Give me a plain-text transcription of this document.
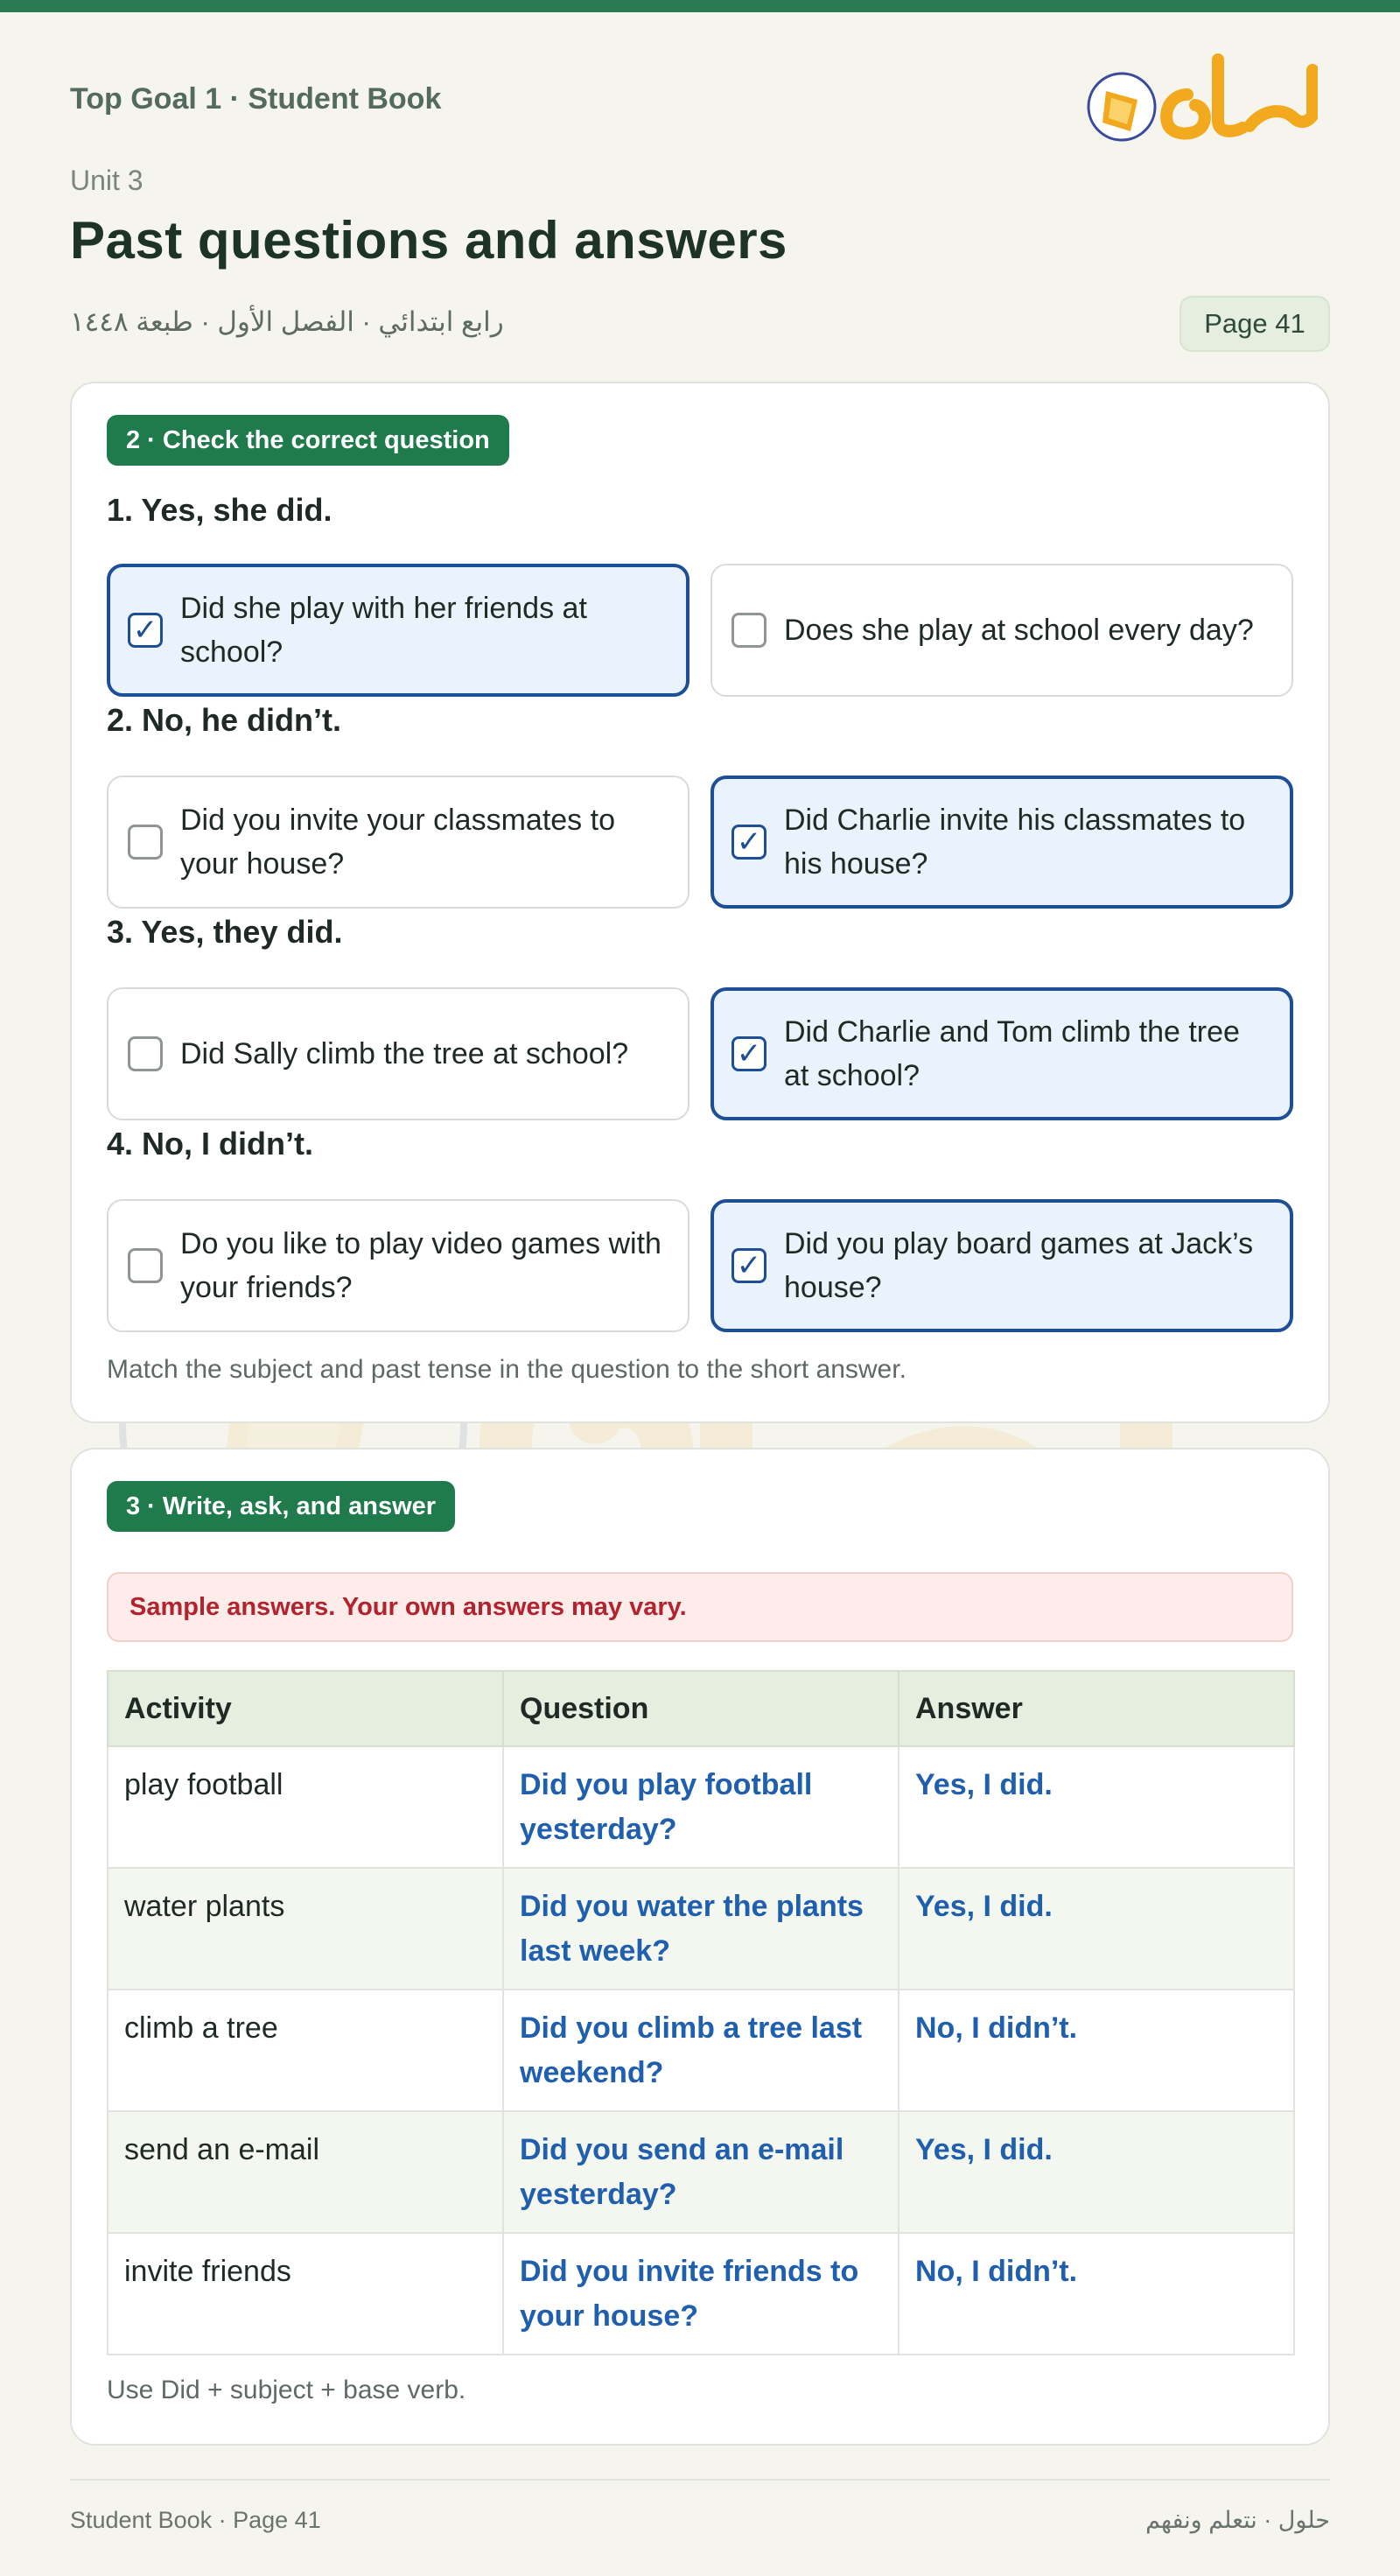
Top Goal 1 · Student Book
Unit 3
Past questions and answers
رابع ابتدائي · الفصل الأول · طبعة ١٤٤٨	Page 41
2 · Check the correct question
1. Yes, she did.
✓
Did she play with her friends at school?
Does she play at school every day?
2. No, he didn’t.
Did you invite your classmates to your house?
✓
Did Charlie invite his classmates to his house?
3. Yes, they did.
Did Sally climb the tree at school?	✓
Did Charlie and Tom climb the tree at school?
4. No, I didn’t.
Do you like to play video games with your friends?
✓
Did you play board games at Jack’s house?
Match the subject and past tense in the question to the short answer.
3 · Write, ask, and answer
Sample answers. Your own answers may vary.
Activity	Question	Answer
play football	Did you play football yesterday?	Yes, I did.
water plants	Did you water the plants last week?	Yes, I did.
climb a tree	Did you climb a tree last weekend?	No, I didn’t.
send an e-mail	Did you send an e-mail yesterday?	Yes, I did.
invite friends	Did you invite friends to your house?	No, I didn’t.
Use Did + subject + base verb.
Student Book · Page 41	حلول · نتعلم ونفهم
